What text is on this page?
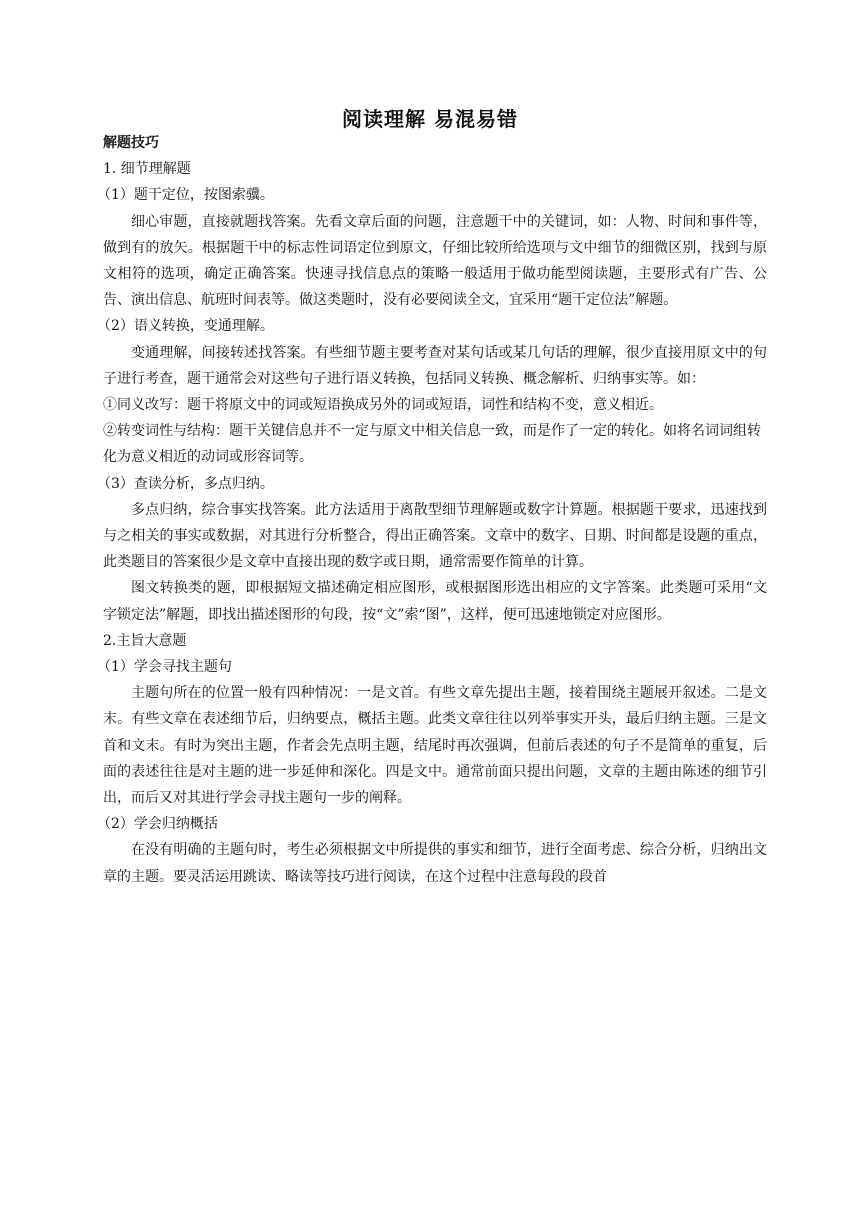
阅读理解 易混易错

解题技巧

1. 细节理解题

（1）题干定位，按图索骥。

细心审题，直接就题找答案。先看文章后面的问题，注意题干中的关键词，如：人物、时间和事件等，做到有的放矢。根据题干中的标志性词语定位到原文，仔细比较所给选项与文中细节的细微区别，找到与原文相符的选项，确定正确答案。快速寻找信息点的策略一般适用于做功能型阅读题，主要形式有广告、公告、演出信息、航班时间表等。做这类题时，没有必要阅读全文，宜采用“题干定位法”解题。

（2）语义转换，变通理解。

变通理解，间接转述找答案。有些细节题主要考查对某句话或某几句话的理解，很少直接用原文中的句子进行考查，题干通常会对这些句子进行语义转换，包括同义转换、概念解析、归纳事实等。如：

①同义改写：题干将原文中的词或短语换成另外的词或短语，词性和结构不变，意义相近。

②转变词性与结构：题干关键信息并不一定与原文中相关信息一致，而是作了一定的转化。如将名词词组转化为意义相近的动词或形容词等。

（3）查读分析，多点归纳。

多点归纳，综合事实找答案。此方法适用于离散型细节理解题或数字计算题。根据题干要求，迅速找到与之相关的事实或数据，对其进行分析整合，得出正确答案。文章中的数字、日期、时间都是设题的重点，此类题目的答案很少是文章中直接出现的数字或日期，通常需要作简单的计算。

图文转换类的题，即根据短文描述确定相应图形，或根据图形选出相应的文字答案。此类题可采用“文字锁定法”解题，即找出描述图形的句段，按“文”索“图”，这样，便可迅速地锁定对应图形。

2.主旨大意题

（1）学会寻找主题句

主题句所在的位置一般有四种情况：一是文首。有些文章先提出主题，接着围绕主题展开叙述。二是文末。有些文章在表述细节后，归纳要点，概括主题。此类文章往往以列举事实开头，最后归纳主题。三是文首和文末。有时为突出主题，作者会先点明主题，结尾时再次强调，但前后表述的句子不是简单的重复，后面的表述往往是对主题的进一步延伸和深化。四是文中。通常前面只提出问题，文章的主题由陈述的细节引出，而后又对其进行学会寻找主题句一步的阐释。

（2）学会归纳概括

在没有明确的主题句时，考生必须根据文中所提供的事实和细节，进行全面考虑、综合分析，归纳出文章的主题。要灵活运用跳读、略读等技巧进行阅读，在这个过程中注意每段的段首
